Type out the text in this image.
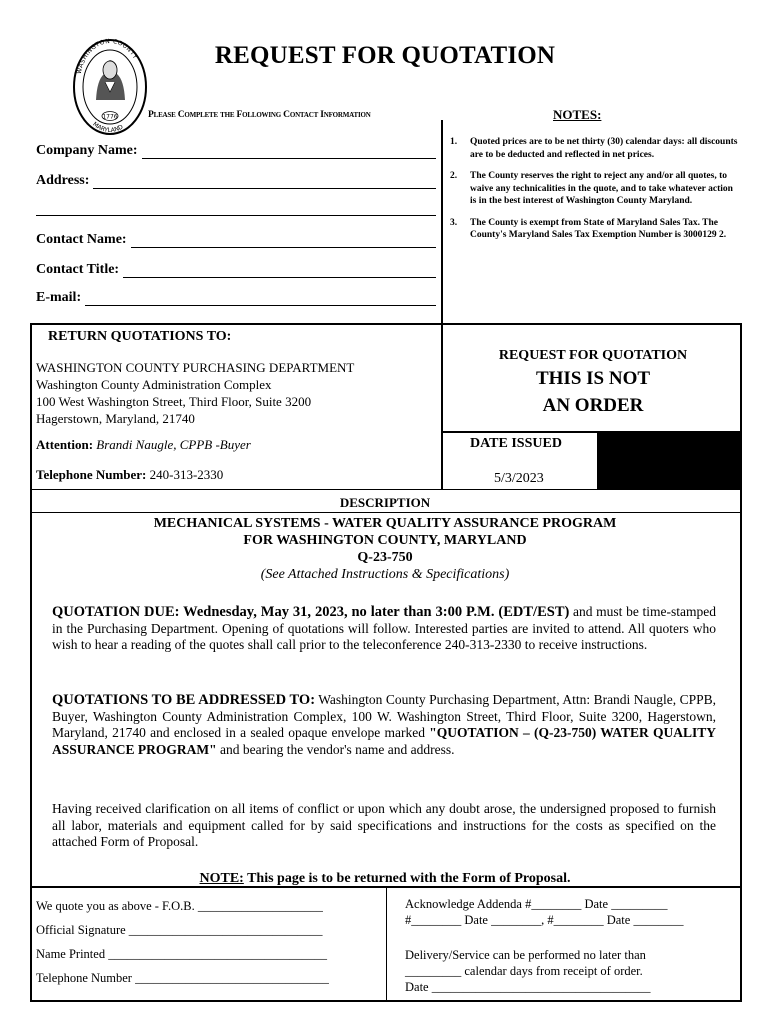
1776
WASHINGTON COUNTY
MARYLAND
REQUEST FOR QUOTATION
Please Complete the Following Contact Information	NOTES:
Company Name:
Address:
Contact Name:
Contact Title:
E-mail:
1.	Quoted prices are to be net thirty (30) calendar days: all discounts are to be deducted and reflected in net prices.
2.	The County reserves the right to reject any and/or all quotes, to waive any technicalities in the quote, and to take whatever action is in the best interest of Washington County Maryland.
3.	The County is exempt from State of Maryland Sales Tax. The County's Maryland Sales Tax Exemption Number is 3000129 2.
RETURN QUOTATIONS TO:
WASHINGTON COUNTY PURCHASING DEPARTMENT
Washington County Administration Complex
100 West Washington Street, Third Floor, Suite 3200
Hagerstown, Maryland, 21740
Attention: Brandi Naugle, CPPB -Buyer
Telephone Number: 240-313-2330
REQUEST FOR QUOTATION
THIS IS NOT
AN ORDER
DATE ISSUED
5/3/2023
DESCRIPTION
MECHANICAL SYSTEMS - WATER QUALITY ASSURANCE PROGRAM
FOR WASHINGTON COUNTY, MARYLAND
Q-23-750
(See Attached Instructions & Specifications)
QUOTATION DUE: Wednesday, May 31, 2023, no later than 3:00 P.M. (EDT/EST) and must be time-stamped in the Purchasing Department. Opening of quotations will follow. Interested parties are invited to attend. All quoters who wish to hear a reading of the quotes shall call prior to the teleconference 240-313-2330 to receive instructions.
QUOTATIONS TO BE ADDRESSED TO: Washington County Purchasing Department, Attn: Brandi Naugle, CPPB, Buyer, Washington County Administration Complex, 100 W. Washington Street, Third Floor, Suite 3200, Hagerstown, Maryland, 21740 and enclosed in a sealed opaque envelope marked "QUOTATION – (Q-23-750) WATER QUALITY ASSURANCE PROGRAM" and bearing the vendor's name and address.
Having received clarification on all items of conflict or upon which any doubt arose, the undersigned proposed to furnish all labor, materials and equipment called for by said specifications and instructions for the costs as specified on the attached Form of Proposal.
NOTE: This page is to be returned with the Form of Proposal.
We quote you as above - F.O.B. ____________________
Official Signature _______________________________
Name Printed ___________________________________
Telephone Number _______________________________
Acknowledge Addenda #________ Date _________
#________ Date ________, #________ Date ________
Delivery/Service can be performed no later than
_________ calendar days from receipt of order.
Date ___________________________________
